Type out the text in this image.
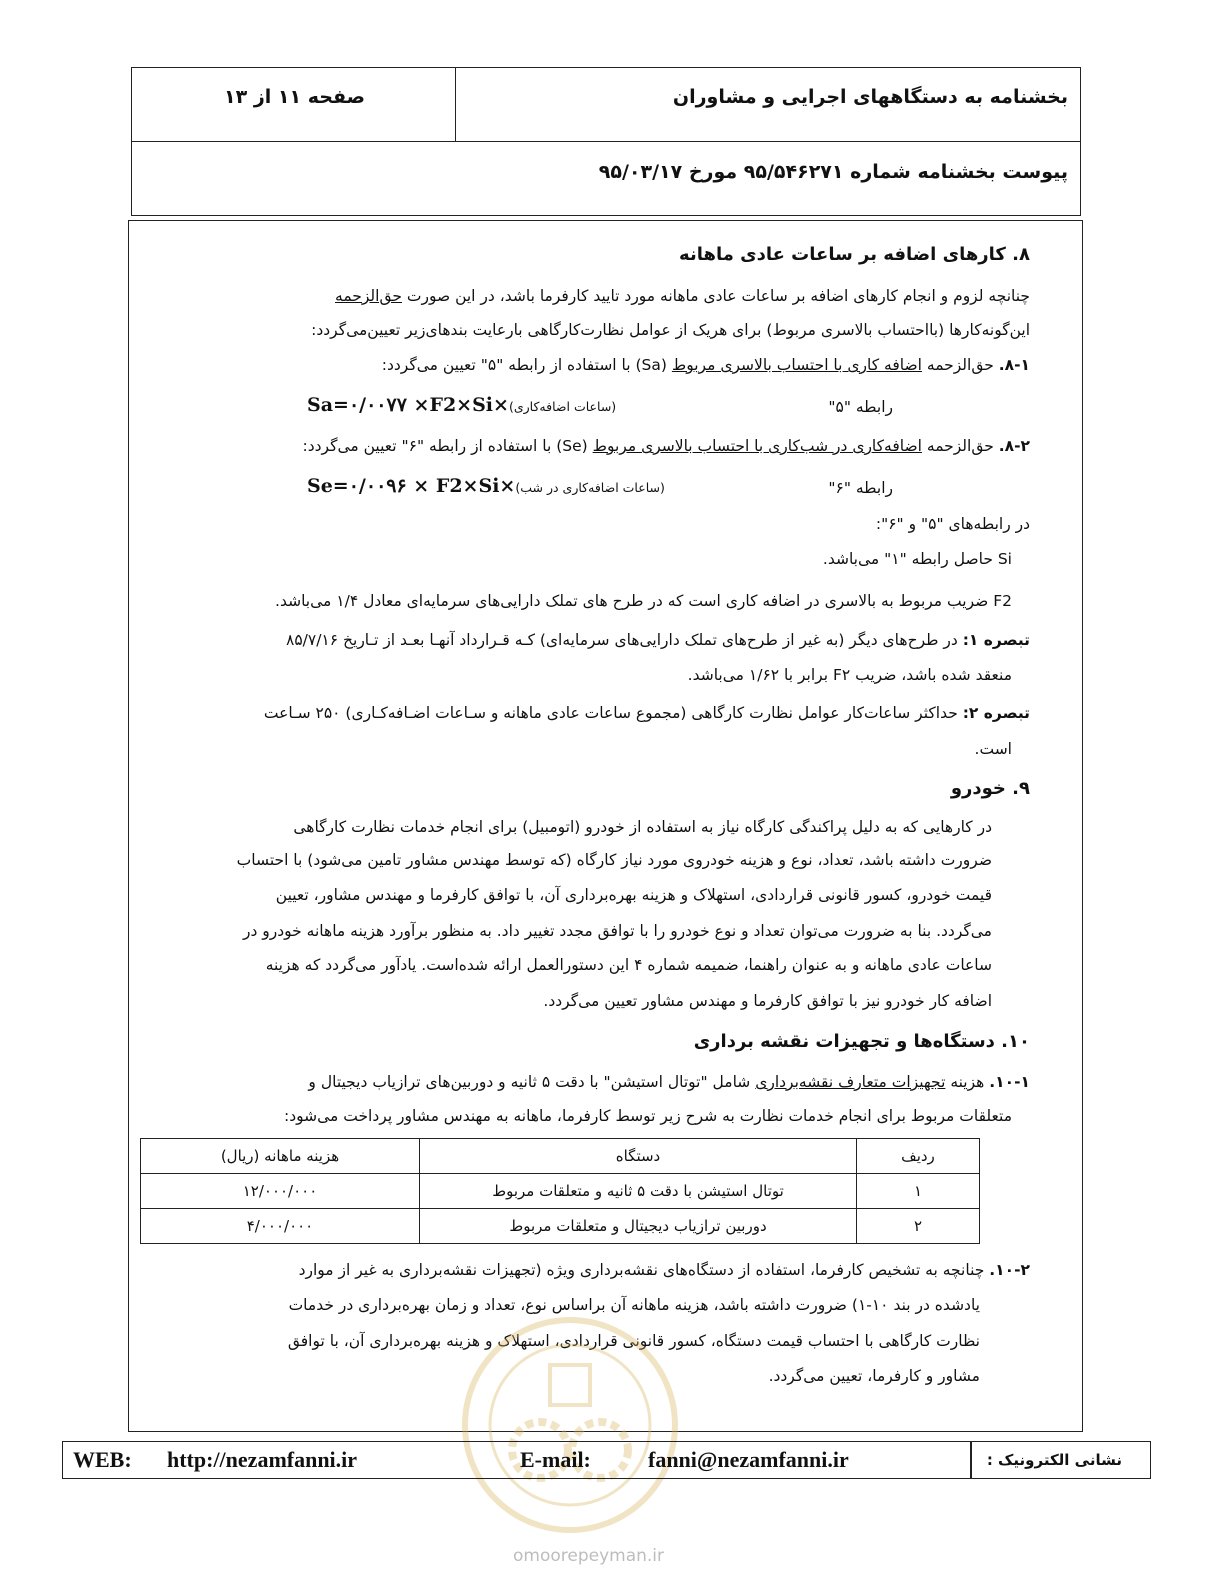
صفحه ۱۱ از ۱۳	بخشنامه به دستگاههای اجرایی و مشاوران
پیوست بخشنامه شماره ۹۵/۵۴۶۲۷۱ مورخ ۹۵/۰۳/۱۷
۸. کارهای اضافه بر ساعات عادی ماهانه
چنانچه لزوم و انجام کارهای اضافه بر ساعات عادی ماهانه مورد تایید کارفرما باشد، در این صورت حق‌الزحمه
این‌گونه‌کارها (بااحتساب بالاسری مربوط) برای هریک از عوامل نظارت‌کارگاهی بارعایت بندهای‌زیر تعیین‌می‌گردد:
۸-۱. حق‌الزحمه اضافه کاری با احتساب بالاسری مربوط (Sa) با استفاده از رابطه "۵" تعیین می‌گردد:
رابطه "۵"
Sa=۰/۰۰۷۷ ×F2×Si×(ساعات اضافه‌کاری)
۸-۲. حق‌الزحمه اضافه‌کاری در شب‌کاری با احتساب بالاسری مربوط (Se) با استفاده از رابطه "۶" تعیین می‌گردد:
رابطه "۶"
Se=۰/۰۰۹۶ × F2×Si×(ساعات اضافه‌کاری در شب)
در رابطه‌های "۵" و "۶":
Si حاصل رابطه "۱" می‌باشد.
F2 ضریب مربوط به بالاسری در اضافه کاری است که در طرح های تملک دارایی‌های سرمایه‌ای معادل ۱/۴ می‌باشد.
تبصره ۱: در طرح‌های دیگر (به غیر از طرح‌های تملک دارایی‌های سرمایه‌ای) کـه قـرارداد آنهـا بعـد از تـاریخ ۸۵/۷/۱۶
منعقد شده باشد، ضریب F۲ برابر با ۱/۶۲ می‌باشد.
تبصره ۲: حداکثر ساعات‌کار عوامل نظارت کارگاهی (مجموع ساعات عادی ماهانه و سـاعات اضـافه‌کـاری) ۲۵۰ سـاعت
است.
۹. خودرو
در کارهایی که به دلیل پراکندگی کارگاه نیاز به استفاده از خودرو (اتومبیل) برای انجام خدمات نظارت کارگاهی
ضرورت داشته باشد، تعداد، نوع و هزینه خودروی مورد نیاز کارگاه (که توسط مهندس مشاور تامین می‌شود) با احتساب
قیمت خودرو، کسور قانونی قراردادی، استهلاک و هزینه بهره‌برداری آن، با توافق کارفرما و مهندس مشاور، تعیین
می‌گردد. بنا به ضرورت می‌توان تعداد و نوع خودرو را با توافق مجدد تغییر داد. به منظور برآورد هزینه ماهانه خودرو در
ساعات عادی ماهانه و به عنوان راهنما، ضمیمه شماره ۴ این دستورالعمل ارائه شده‌است. یادآور می‌گردد که هزینه
اضافه کار خودرو نیز با توافق کارفرما و مهندس مشاور تعیین می‌گردد.
۱۰. دستگاه‌ها و تجهیزات نقشه برداری
۱۰-۱. هزینه تجهیزات متعارف نقشه‌برداری شامل "توتال استیشن" با دقت ۵ ثانیه و دوربین‌های ترازیاب دیجیتال و
متعلقات مربوط برای انجام خدمات نظارت به شرح زیر توسط کارفرما، ماهانه به مهندس مشاور پرداخت می‌شود:
ردیف	دستگاه	هزینه ماهانه (ریال)
۱	توتال استیشن با دقت ۵ ثانیه و متعلقات مربوط	۱۲/۰۰۰/۰۰۰
۲	دوربین ترازیاب دیجیتال و متعلقات مربوط	۴/۰۰۰/۰۰۰
۱۰-۲. چنانچه به تشخیص کارفرما، استفاده از دستگاه‌های نقشه‌برداری ویژه (تجهیزات نقشه‌برداری به غیر از موارد
یادشده در بند ۱۰-۱) ضرورت داشته باشد، هزینه ماهانه آن براساس نوع، تعداد و زمان بهره‌برداری در خدمات
نظارت کارگاهی با احتساب قیمت دستگاه، کسور قانونی قراردادی، استهلاک و هزینه بهره‌برداری آن، با توافق
مشاور و کارفرما، تعیین می‌گردد.
WEB: http://nezamfanni.ir	E-mail:	fanni@nezamfanni.ir	نشانی الکترونیک :
omoorepeyman.ir
